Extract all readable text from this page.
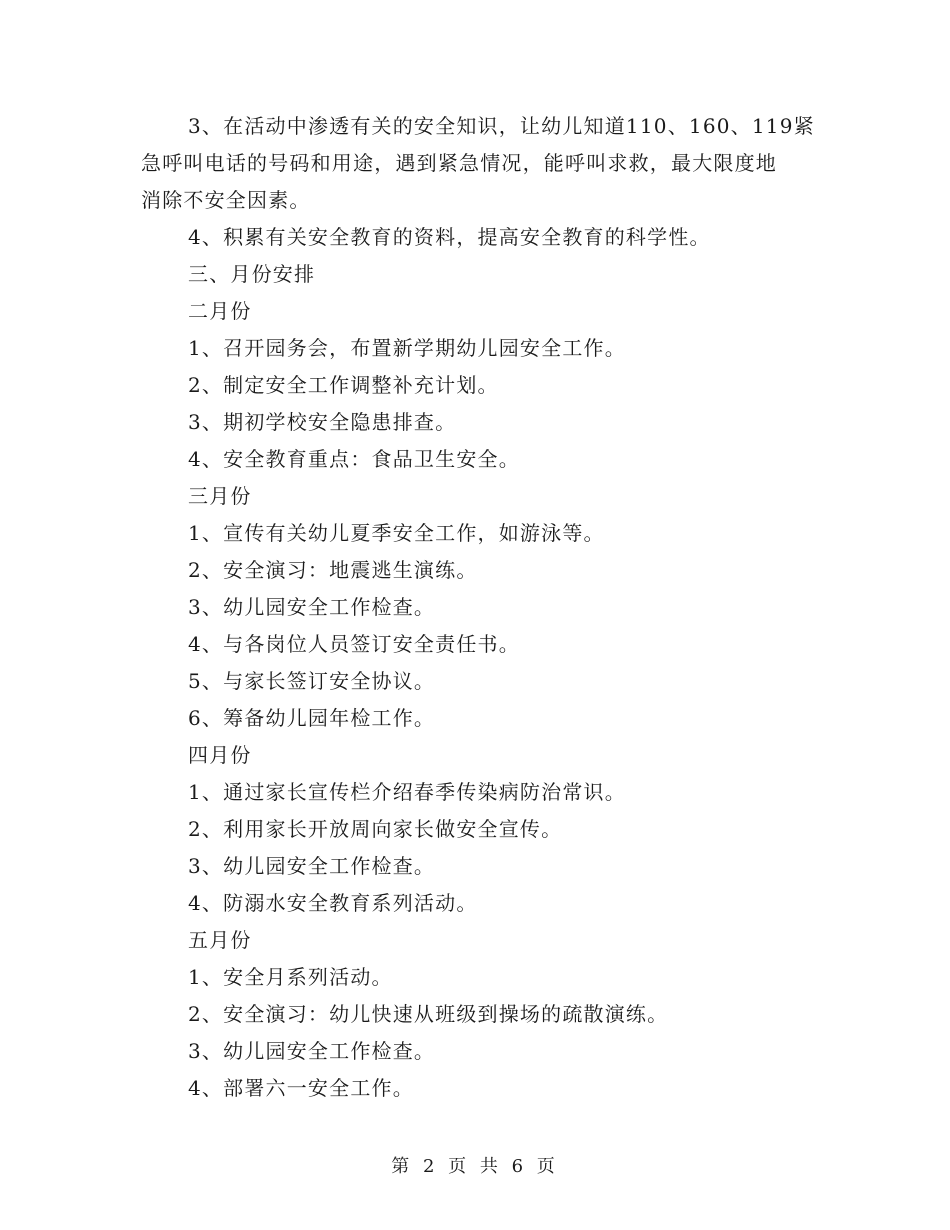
3、在活动中渗透有关的安全知识，让幼儿知道110、160、119紧
急呼叫电话的号码和用途，遇到紧急情况，能呼叫求救，最大限度地
消除不安全因素。
4、积累有关安全教育的资料，提高安全教育的科学性。
三、月份安排
二月份
1、召开园务会，布置新学期幼儿园安全工作。
2、制定安全工作调整补充计划。
3、期初学校安全隐患排查。
4、安全教育重点：食品卫生安全。
三月份
1、宣传有关幼儿夏季安全工作，如游泳等。
2、安全演习：地震逃生演练。
3、幼儿园安全工作检查。
4、与各岗位人员签订安全责任书。
5、与家长签订安全协议。
6、筹备幼儿园年检工作。
四月份
1、通过家长宣传栏介绍春季传染病防治常识。
2、利用家长开放周向家长做安全宣传。
3、幼儿园安全工作检查。
4、防溺水安全教育系列活动。
五月份
1、安全月系列活动。
2、安全演习：幼儿快速从班级到操场的疏散演练。
3、幼儿园安全工作检查。
4、部署六一安全工作。
第 2 页 共 6 页
